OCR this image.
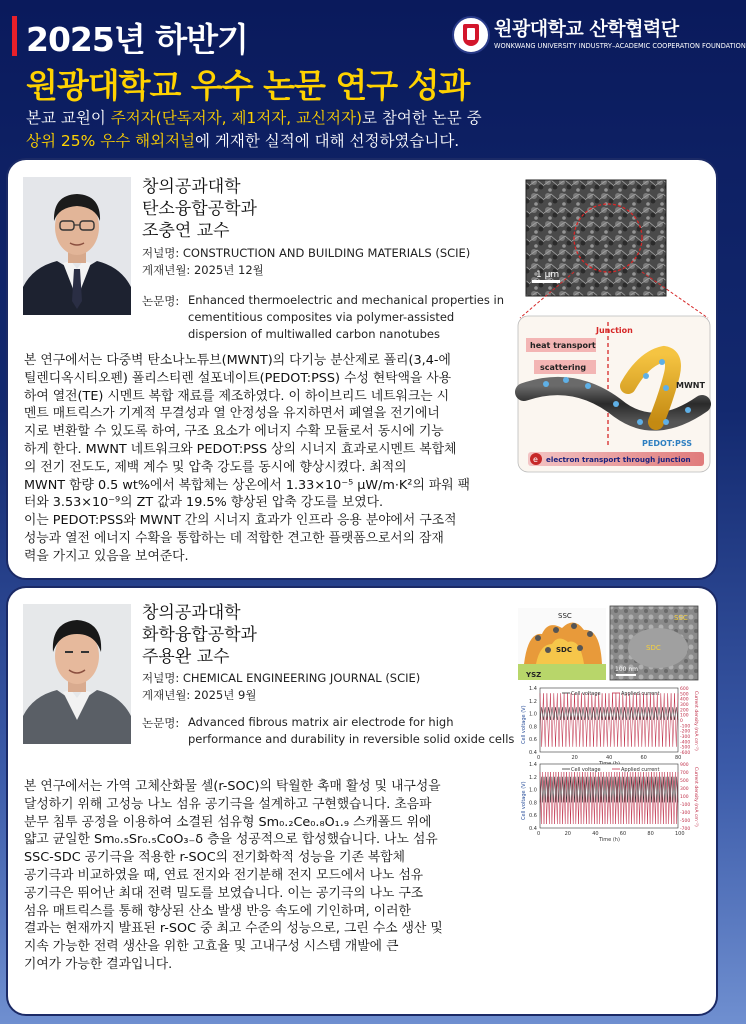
2025년 하반기
원광대학교 우수 논문 연구 성과
본교 교원이 주저자(단독저자, 제1저자, 교신저자)로 참여한 논문 중
상위 25% 우수 해외저널에 게재한 실적에 대해 선정하였습니다.
원광대학교 산학협력단
WONKWANG UNIVERSITY INDUSTRY–ACADEMIC COOPERATION FOUNDATION
창의공과대학
탄소융합공학과
조충연 교수
저널명: CONSTRUCTION AND BUILDING MATERIALS (SCIE)
게재년월: 2025년 12월
논문명: Enhanced thermoelectric and mechanical properties in
cementitious composites via polymer-assisted
dispersion of multiwalled carbon nanotubes

본 연구에서는 다중벽 탄소나노튜브(MWNT)의 다기능 분산제로 폴리(3,4-에

틸렌디옥시티오펜) 폴리스티렌 설포네이트(PEDOT:PSS) 수성 현탁액을 사용

하여 열전(TE) 시멘트 복합 재료를 제조하였다. 이 하이브리드 네트워크는 시

멘트 매트릭스가 기계적 무결성과 열 안정성을 유지하면서 폐열을 전기에너

지로 변환할 수 있도록 하여, 구조 요소가 에너지 수확 모듈로서 동시에 기능

하게 한다. MWNT 네트워크와 PEDOT:PSS 상의 시너지 효과로시멘트 복합체

의 전기 전도도, 제백 계수 및 압축 강도를 동시에 향상시켰다. 최적의

MWNT 함량 0.5 wt%에서 복합체는 상온에서 1.33×10⁻⁵ μW/m·K²의 파워 팩

터와 3.53×10⁻⁹의 ZT 값과 19.5% 향상된 압축 강도를 보였다.

이는 PEDOT:PSS와 MWNT 간의 시너지 효과가 인프라 응용 분야에서 구조적

성능과 열전 에너지 수확을 통합하는 데 적합한 견고한 플랫폼으로서의 잠재

력을 가지고 있음을 보여준다.

1 μm
Junction
heat transport
scattering
MWNT
PEDOT:PSS
e electron transport through junction
창의공과대학
화학융합공학과
주용완 교수
저널명: CHEMICAL ENGINEERING JOURNAL (SCIE)
게재년월: 2025년 9월
논문명: Advanced fibrous matrix air electrode for high
performance and durability in reversible solid oxide cells

본 연구에서는 가역 고체산화물 셀(r-SOC)의 탁월한 촉매 활성 및 내구성을

달성하기 위해 고성능 나노 섬유 공기극을 설계하고 구현했습니다. 초음파

분무 침투 공정을 이용하여 소결된 섬유형 Sm₀.₂Ce₀.₈O₁.₉ 스캐폴드 위에

얇고 균일한 Sm₀.₅Sr₀.₅CoO₃₋δ 층을 성공적으로 합성했습니다. 나노 섬유

SSC-SDC 공기극을 적용한 r-SOC의 전기화학적 성능을 기존 복합체

공기극과 비교하였을 때, 연료 전지와 전기분해 전지 모드에서 나노 섬유

공기극은 뛰어난 최대 전력 밀도를 보였습니다. 이는 공기극의 나노 구조

섬유 매트릭스를 통해 향상된 산소 발생 반응 속도에 기인하며, 이러한

결과는 현재까지 발표된 r-SOC 중 최고 수준의 성능으로, 그린 수소 생산 및

지속 가능한 전력 생산을 위한 고효율 및 고내구성 시스템 개발에 큰

기여가 가능한 결과입니다.

SSC
SDC
YSZ
SDC
SSC
100 nm
0	20	40	60	80
0.4
0.6
0.8
1.0
1.2
1.4
-600
-500
-400
-300
-200
-100
0
100
200
300
400
500
600
Cell voltage	Applied current
Cell voltage (V)	Current density (mA cm⁻²)
0	20	40	60	80	100
0.4
0.6
0.8
1.0
1.2
1.4
-700
-500
-300
-100
100
300
500
700
900
Cell voltage	Applied current
Time (h)
Cell voltage (V)	Current density (mA cm⁻²)
